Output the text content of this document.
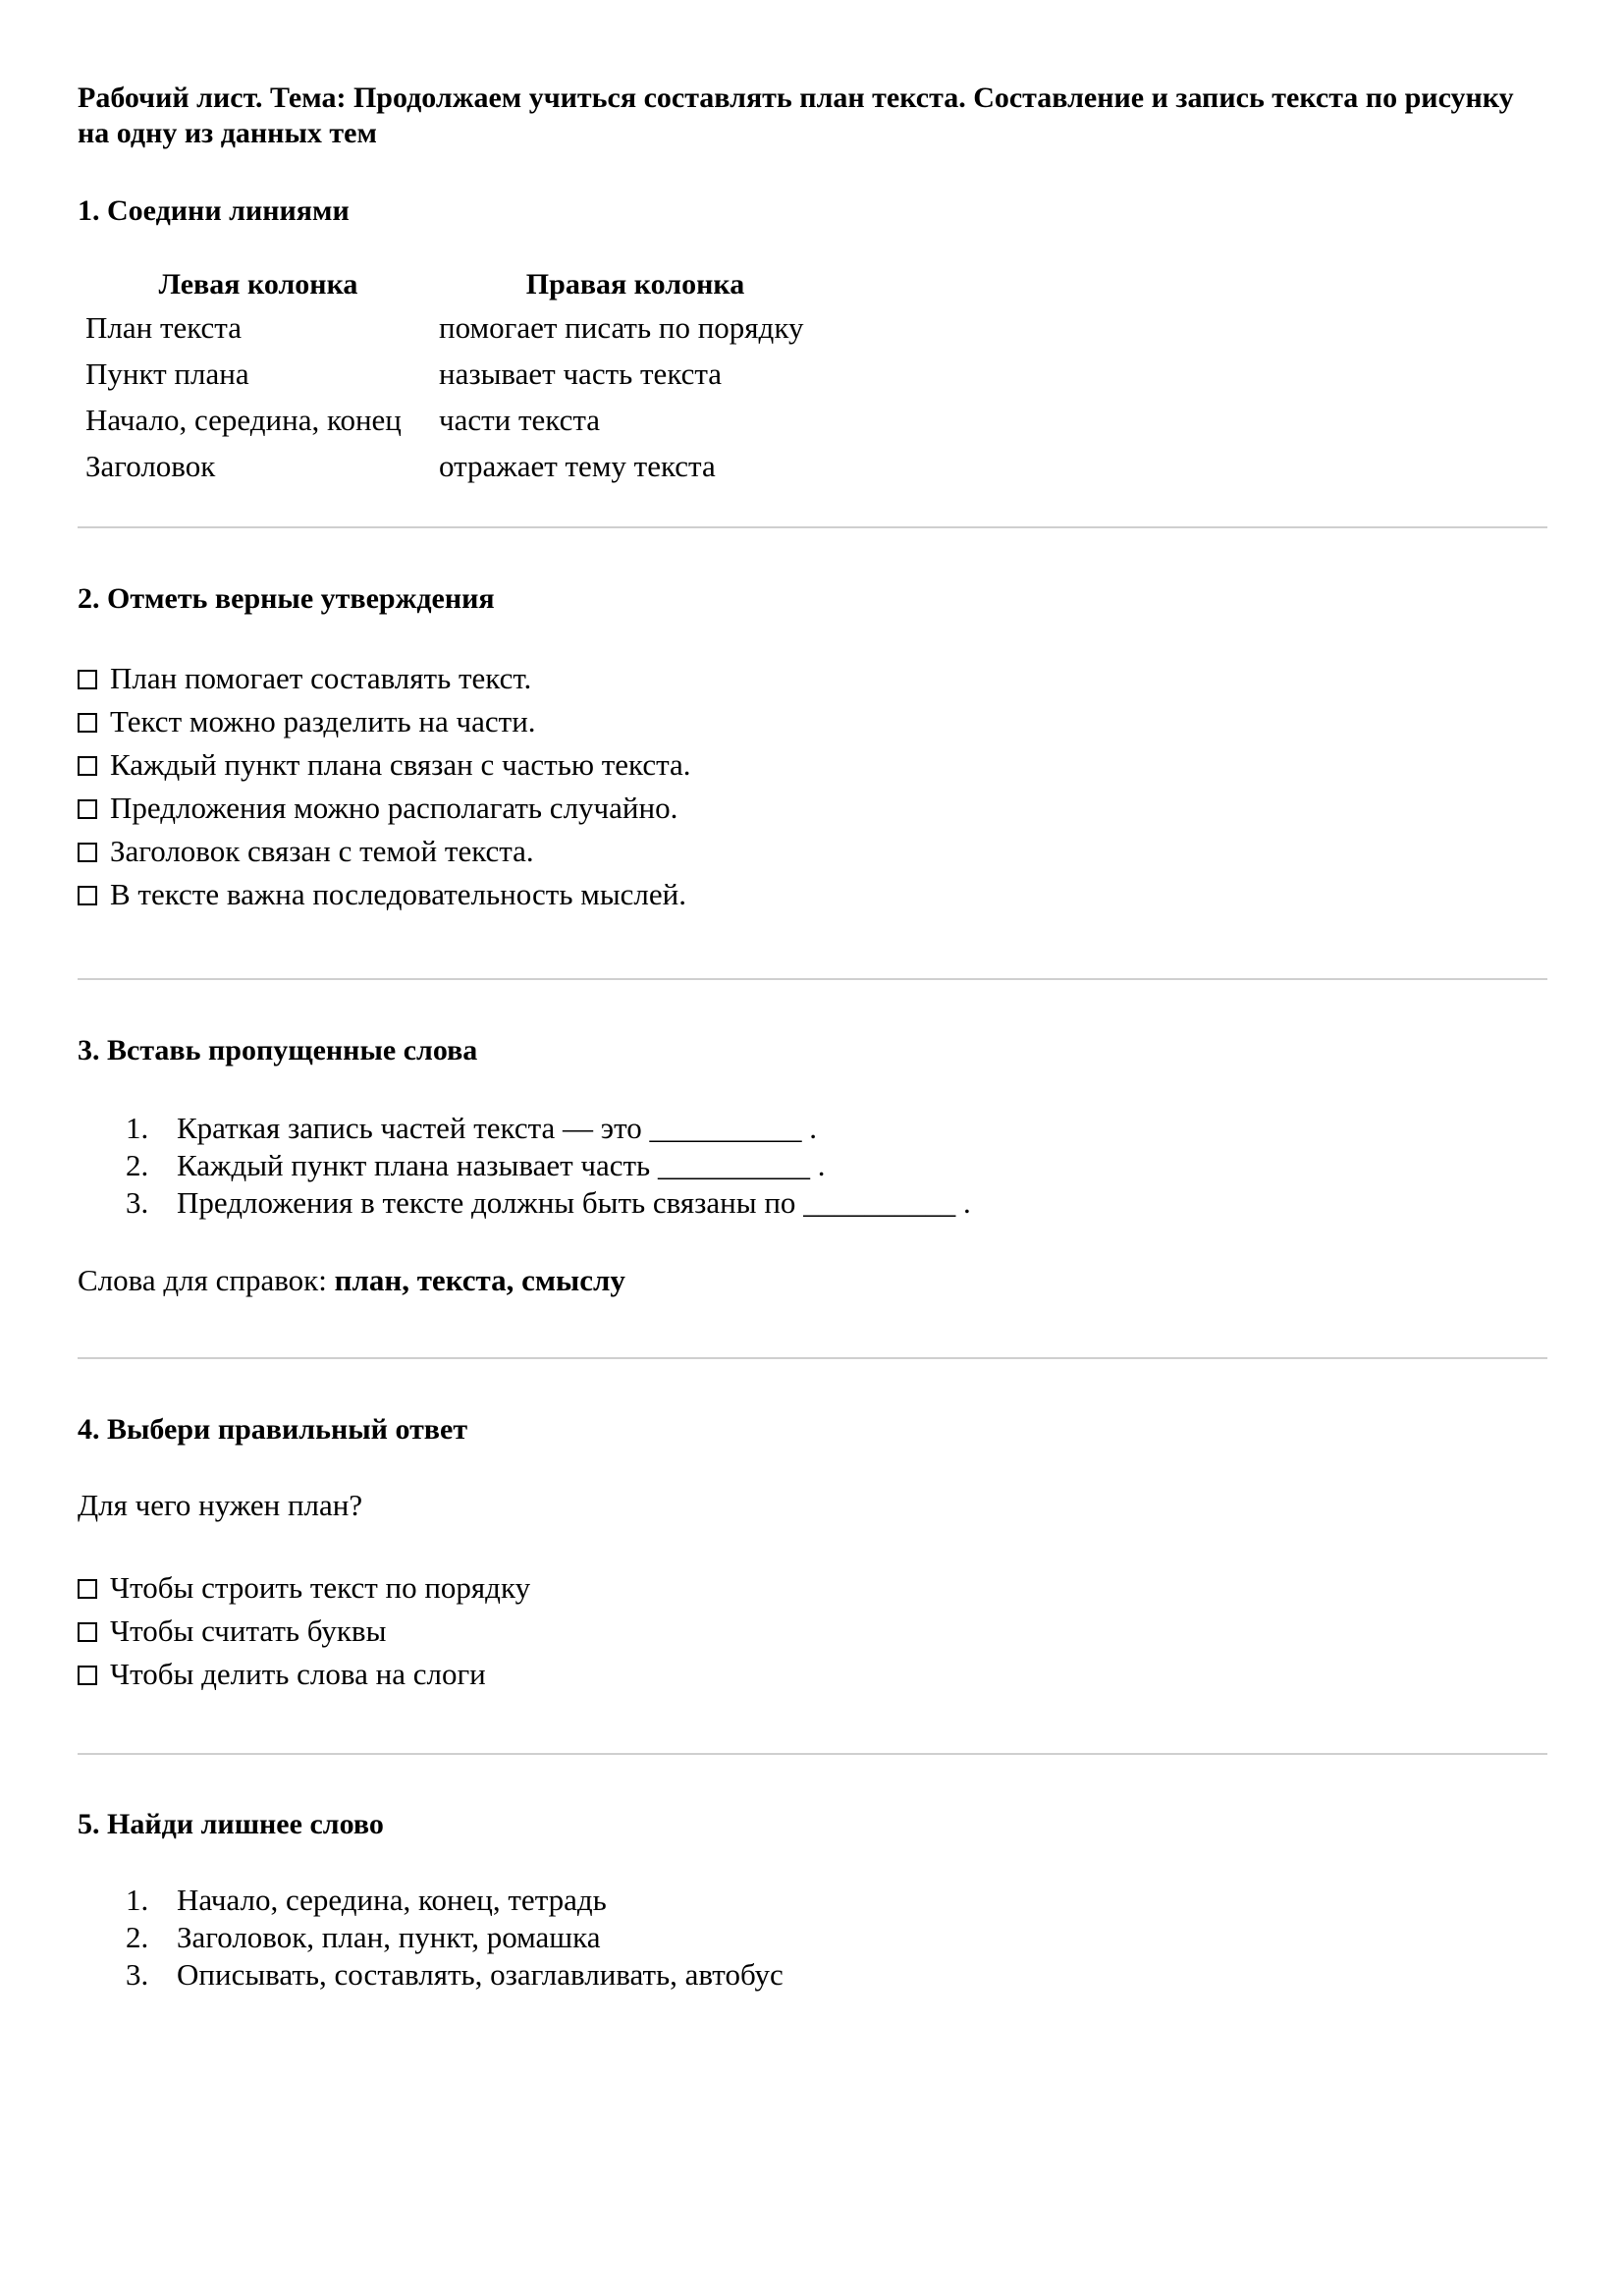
Рабочий лист. Тема: Продолжаем учиться составлять план текста. Составление и запись текста по рисунку на одну из данных тем
1. Соедини линиями
Левая колонка	Правая колонка
План текста	помогает писать по порядку
Пункт плана	называет часть текста
Начало, середина, конец	части текста
Заголовок	отражает тему текста
2. Отметь верные утверждения
План помогает составлять текст.
Текст можно разделить на части.
Каждый пункт плана связан с частью текста.
Предложения можно располагать случайно.
Заголовок связан с темой текста.
В тексте важна последовательность мыслей.
3. Вставь пропущенные слова
1. Краткая запись частей текста — это __________ .
2. Каждый пункт плана называет часть __________ .
3. Предложения в тексте должны быть связаны по __________ .
Слова для справок: план, текста, смыслу
4. Выбери правильный ответ
Для чего нужен план?
Чтобы строить текст по порядку
Чтобы считать буквы
Чтобы делить слова на слоги
5. Найди лишнее слово
1. Начало, середина, конец, тетрадь
2. Заголовок, план, пункт, ромашка
3. Описывать, составлять, озаглавливать, автобус
